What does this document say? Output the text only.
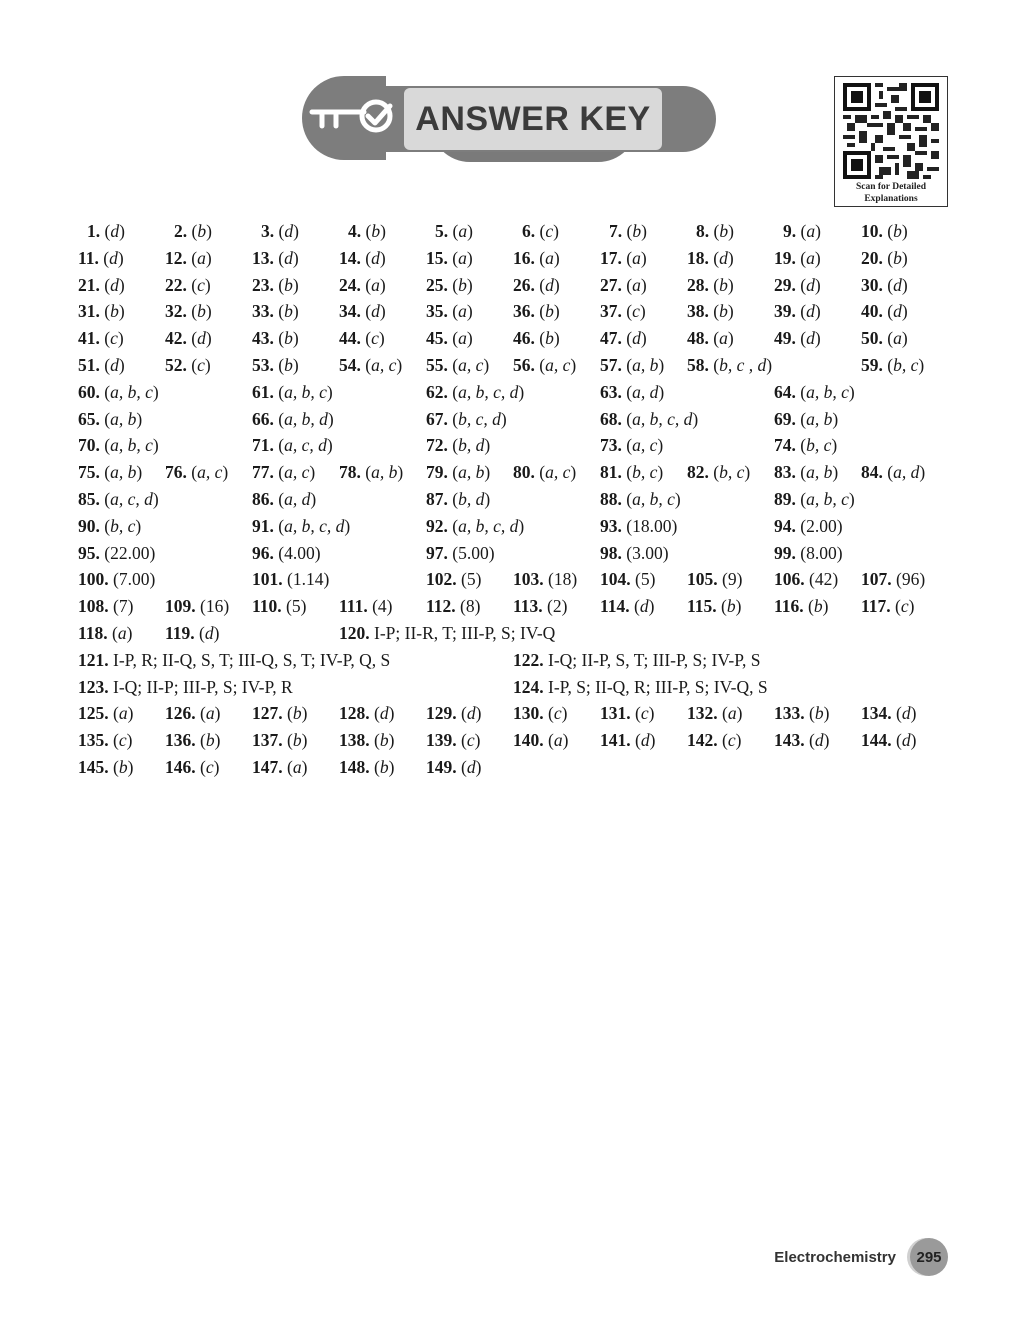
ANSWER KEY
Scan for Detailed
Explanations
1. (d)	2. (b)	3. (d)	4. (b)	5. (a)	6. (c)	7. (b)	8. (b)	9. (a) 10. (b)
11. (d) 12. (a) 13. (d) 14. (d) 15. (a) 16. (a) 17. (a) 18. (d) 19. (a) 20. (b)
21. (d) 22. (c) 23. (b) 24. (a) 25. (b) 26. (d) 27. (a) 28. (b) 29. (d) 30. (d)
31. (b) 32. (b) 33. (b) 34. (d) 35. (a) 36. (b) 37. (c) 38. (b) 39. (d) 40. (d)
41. (c) 42. (d) 43. (b) 44. (c) 45. (a) 46. (b) 47. (d) 48. (a) 49. (d) 50. (a)
51. (d) 52. (c) 53. (b) 54. (a, c) 55. (a, c) 56. (a, c) 57. (a, b) 58. (b, c , d)	59. (b, c)
60. (a, b, c)	61. (a, b, c)	62. (a, b, c, d)	63. (a, d)	64. (a, b, c)
65. (a, b)	66. (a, b, d)	67. (b, c, d)	68. (a, b, c, d)	69. (a, b)
70. (a, b, c)	71. (a, c, d)	72. (b, d)	73. (a, c)	74. (b, c)
75. (a, b) 76. (a, c) 77. (a, c) 78. (a, b) 79. (a, b) 80. (a, c) 81. (b, c) 82. (b, c) 83. (a, b) 84. (a, d)
85. (a, c, d)	86. (a, d)	87. (b, d)	88. (a, b, c)	89. (a, b, c)
90. (b, c)	91. (a, b, c, d)	92. (a, b, c, d)	93. (18.00)	94. (2.00)
95. (22.00)	96. (4.00)	97. (5.00)	98. (3.00)	99. (8.00)
100. (7.00)	101. (1.14)	102. (5) 103. (18) 104. (5) 105. (9) 106. (42) 107. (96)
108. (7) 109. (16) 110. (5) 111. (4) 112. (8) 113. (2) 114. (d) 115. (b) 116. (b) 117. (c)
118. (a) 119. (d)	120. I-P; II-R, T; III-P, S; IV-Q
121. I-P, R; II-Q, S, T; III-Q, S, T; IV-P, Q, S	122. I-Q; II-P, S, T; III-P, S; IV-P, S
123. I-Q; II-P; III-P, S; IV-P, R	124. I-P, S; II-Q, R; III-P, S; IV-Q, S
125. (a) 126. (a) 127. (b) 128. (d) 129. (d) 130. (c) 131. (c) 132. (a) 133. (b) 134. (d)
135. (c) 136. (b) 137. (b) 138. (b) 139. (c) 140. (a) 141. (d) 142. (c) 143. (d) 144. (d)
145. (b) 146. (c) 147. (a) 148. (b) 149. (d)
Electrochemistry 295
